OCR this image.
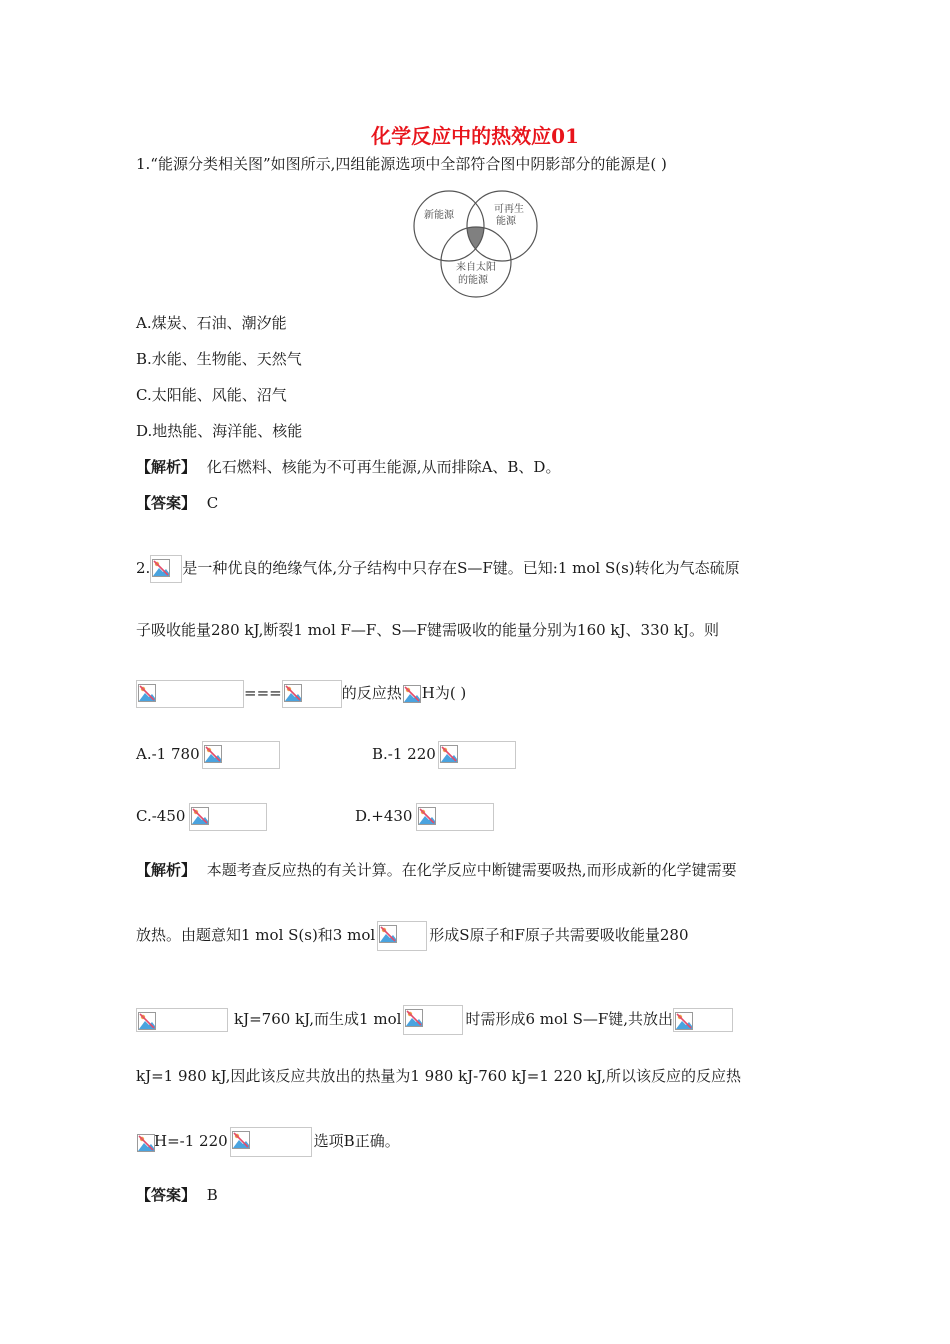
化学反应中的热效应01
1.“能源分类相关图”如图所示,四组能源选项中全部符合图中阴影部分的能源是( )
新能源
可再生
能源
来自太阳
的能源
A.煤炭、石油、潮汐能
B.水能、生物能、天然气
C.太阳能、风能、沼气
D.地热能、海洋能、核能
【解析】 化石燃料、核能为不可再生能源,从而排除A、B、D。
【答案】 C
2. 是一种优良的绝缘气体,分子结构中只存在S—F键。已知:1 mol S(s)转化为气态硫原
子吸收能量280 kJ,断裂1 mol F—F、S—F键需吸收的能量分别为160 kJ、330 kJ。则
===	的反应热 H为( )
A.-1 780	B.-1 220
C.-450	D.+430
【解析】 本题考查反应热的有关计算。在化学反应中断键需要吸热,而形成新的化学键需要
放热。由题意知1 mol S(s)和3 mol	形成S原子和F原子共需要吸收能量280
kJ=760 kJ,而生成1 mol	时需形成6 mol S—F键,共放出
kJ=1 980 kJ,因此该反应共放出的热量为1 980 kJ-760 kJ=1 220 kJ,所以该反应的反应热
H=-1 220	选项B正确。
【答案】 B
